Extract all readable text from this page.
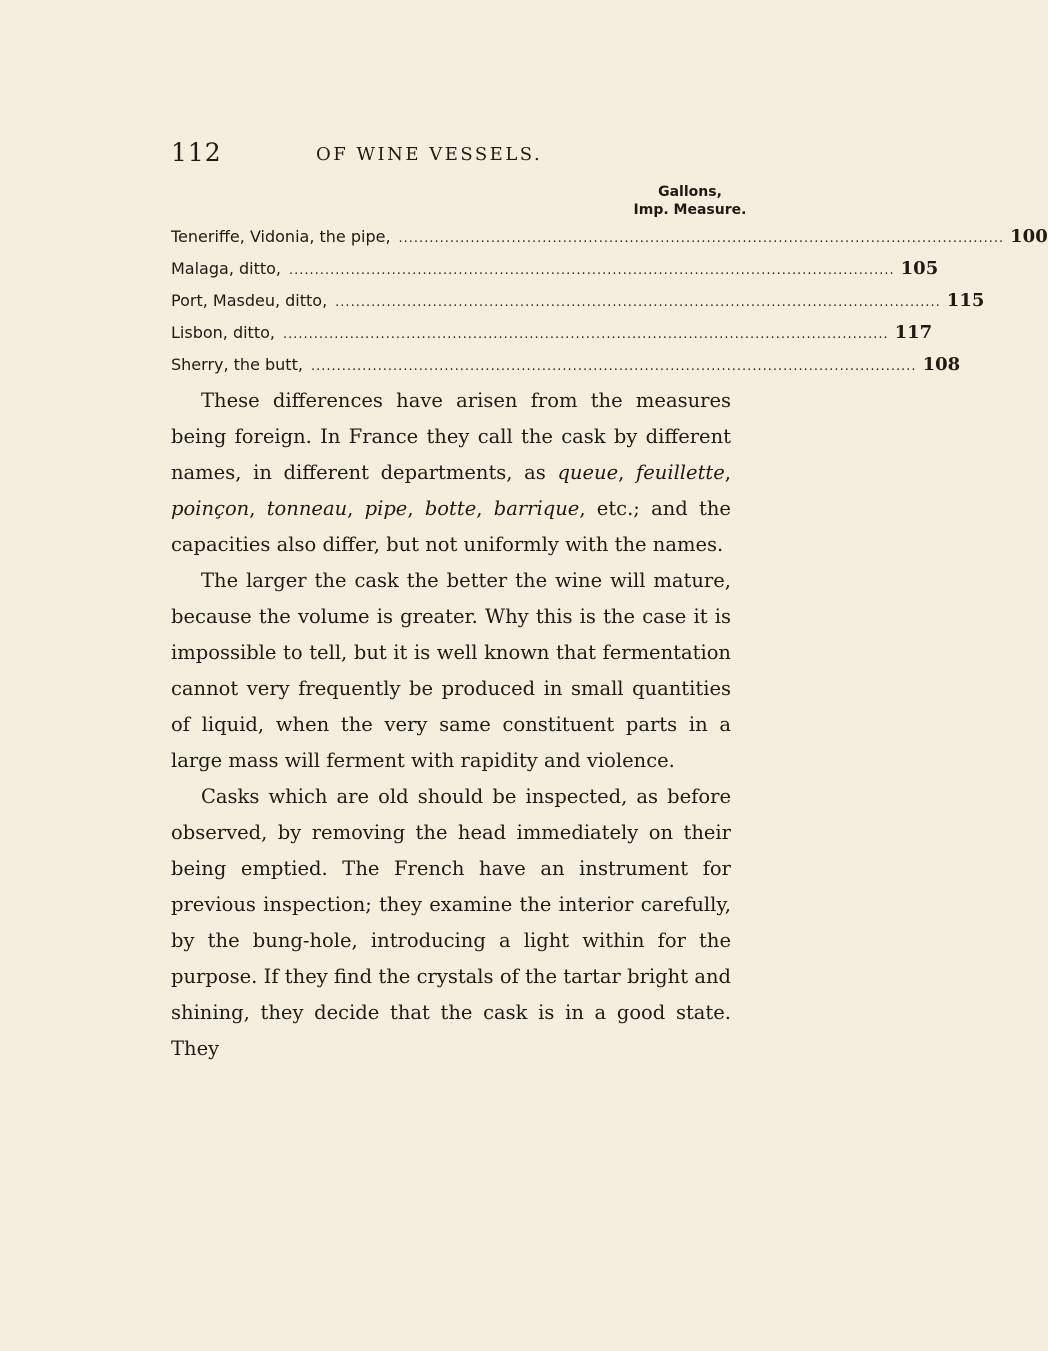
112	OF WINE VESSELS.
Gallons,
Imp. Measure.
Teneriffe, Vidonia, the pipe, ...................................................................................................................... 100
Malaga, ditto, ...................................................................................................................... 105
Port, Masdeu, ditto, ...................................................................................................................... 115
Lisbon, ditto, ...................................................................................................................... 117
Sherry, the butt, ...................................................................................................................... 108

These differences have arisen from the measures being foreign. In France they call the cask by different names, in different departments, as queue, feuillette, poinçon, tonneau, pipe, botte, barrique, etc.; and the capacities also differ, but not uniformly with the names.

The larger the cask the better the wine will mature, because the volume is greater. Why this is the case it is impossible to tell, but it is well known that fermentation cannot very frequently be produced in small quantities of liquid, when the very same constituent parts in a large mass will ferment with rapidity and violence.

Casks which are old should be inspected, as before observed, by removing the head immediately on their being emptied. The French have an instrument for previous inspection; they examine the interior carefully, by the bung-hole, introducing a light within for the purpose. If they find the crystals of the tartar bright and shining, they decide that the cask is in a good state. They
